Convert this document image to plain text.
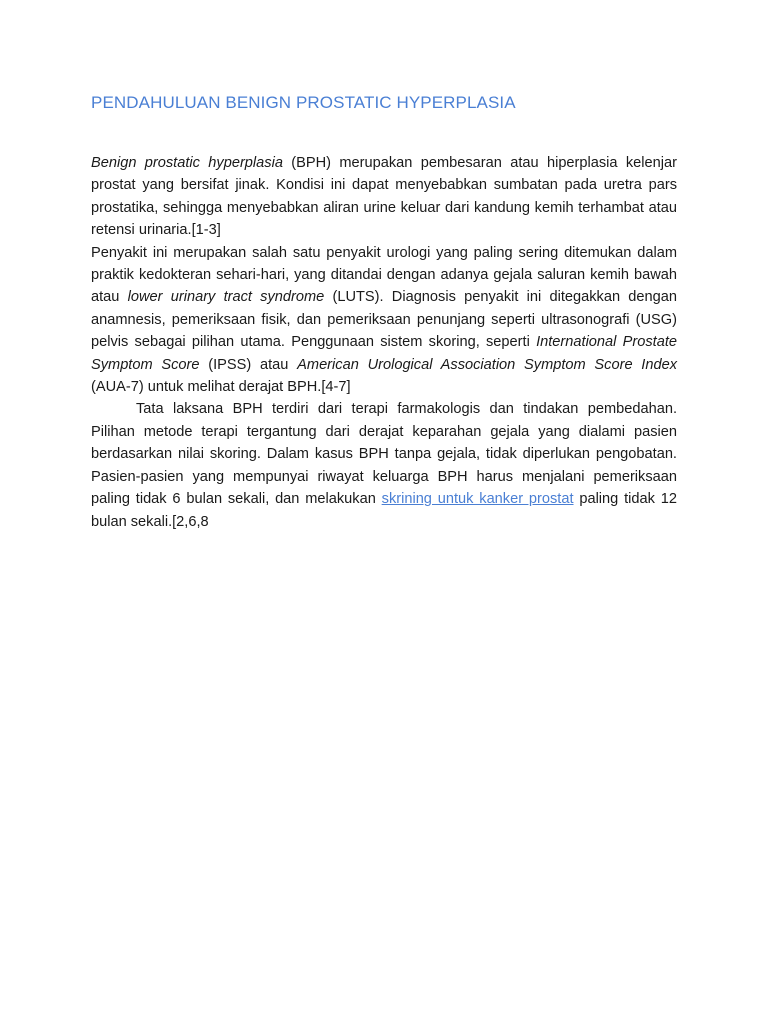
PENDAHULUAN BENIGN PROSTATIC HYPERPLASIA

Benign prostatic hyperplasia (BPH) merupakan pembesaran atau hiperplasia kelenjar prostat yang bersifat jinak. Kondisi ini dapat menyebabkan sumbatan pada uretra pars prostatika, sehingga menyebabkan aliran urine keluar dari kandung kemih terhambat atau retensi urinaria.[1-3]

Penyakit ini merupakan salah satu penyakit urologi yang paling sering ditemukan dalam praktik kedokteran sehari-hari, yang ditandai dengan adanya gejala saluran kemih bawah atau lower urinary tract syndrome (LUTS). Diagnosis penyakit ini ditegakkan dengan anamnesis, pemeriksaan fisik, dan pemeriksaan penunjang seperti ultrasonografi (USG) pelvis sebagai pilihan utama. Penggunaan sistem skoring, seperti International Prostate Symptom Score (IPSS) atau American Urological Association Symptom Score Index (AUA-7) untuk melihat derajat BPH.[4-7]

Tata laksana BPH terdiri dari terapi farmakologis dan tindakan pembedahan. Pilihan metode terapi tergantung dari derajat keparahan gejala yang dialami pasien berdasarkan nilai skoring. Dalam kasus BPH tanpa gejala, tidak diperlukan pengobatan. Pasien-pasien yang mempunyai riwayat keluarga BPH harus menjalani pemeriksaan paling tidak 6 bulan sekali, dan melakukan skrining untuk kanker prostat paling tidak 12 bulan sekali.[2,6,8
